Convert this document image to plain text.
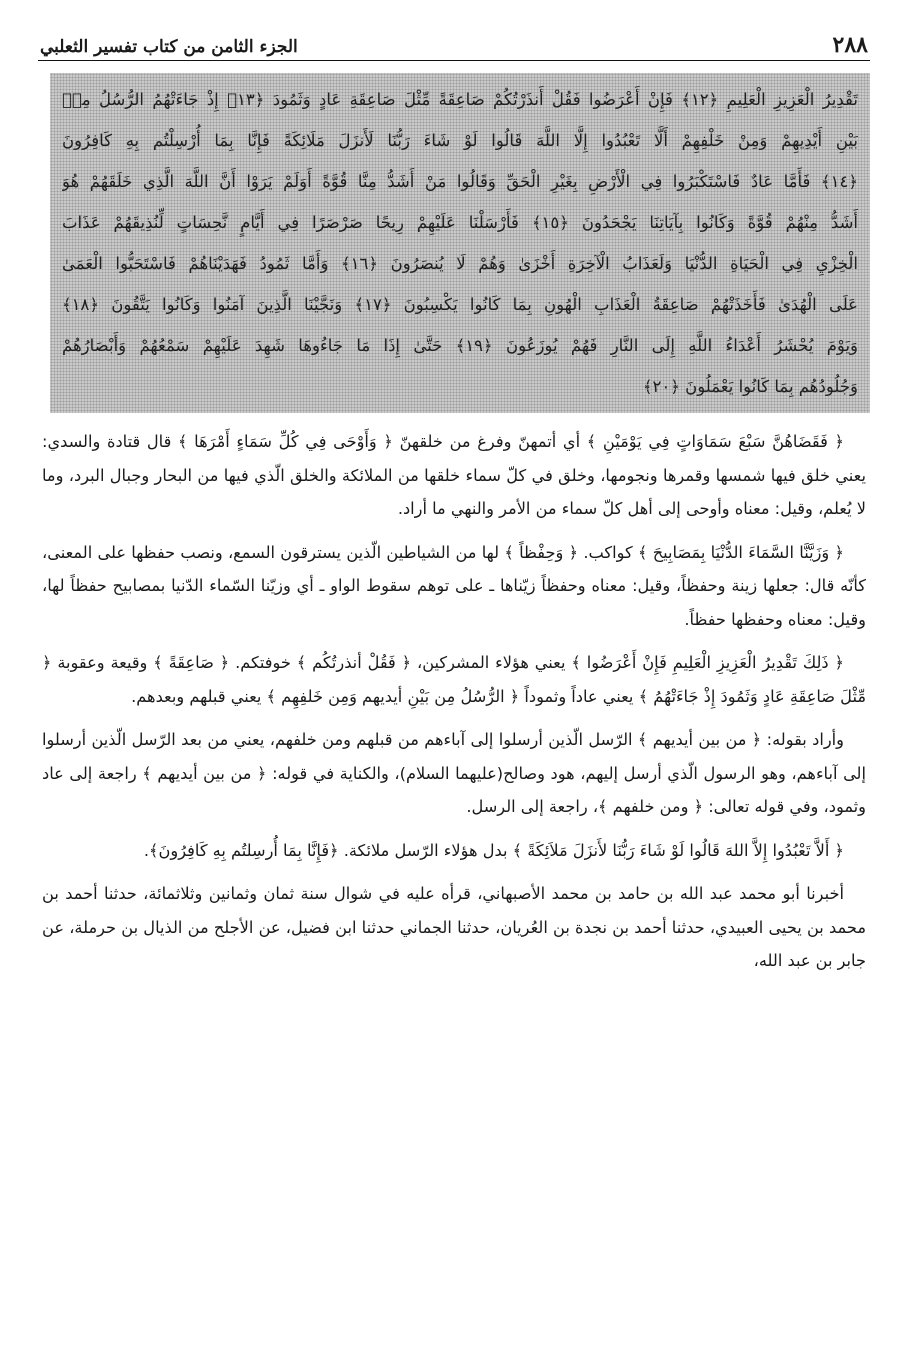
٢٨٨
الجزء الثامن من كتاب تفسير الثعلبي
تَقْدِيرُ الْعَزِيزِ الْعَلِيمِ ﴿١٢﴾ فَإِنْ أَعْرَضُوا فَقُلْ أَنذَرْتُكُمْ صَاعِقَةً مِّثْلَ صَاعِقَةِ عَادٍ وَثَمُودَ ﴿١٣﴾ إِذْ جَاءَتْهُمُ الرُّسُلُ مِنۢ
بَيْنِ أَيْدِيهِمْ وَمِنْ خَلْفِهِمْ أَلَّا تَعْبُدُوا إِلَّا اللَّهَ قَالُوا لَوْ شَاءَ رَبُّنَا لَأَنزَلَ مَلَائِكَةً فَإِنَّا بِمَا أُرْسِلْتُم بِهِ كَافِرُونَ
﴿١٤﴾ فَأَمَّا عَادٌ فَاسْتَكْبَرُوا فِي الْأَرْضِ بِغَيْرِ الْحَقِّ وَقَالُوا مَنْ أَشَدُّ مِنَّا قُوَّةً أَوَلَمْ يَرَوْا أَنَّ اللَّهَ الَّذِي خَلَقَهُمْ هُوَ
أَشَدُّ مِنْهُمْ قُوَّةً وَكَانُوا بِآيَاتِنَا يَجْحَدُونَ ﴿١٥﴾ فَأَرْسَلْنَا عَلَيْهِمْ رِيحًا صَرْصَرًا فِي أَيَّامٍ نَّحِسَاتٍ لِّنُذِيقَهُمْ عَذَابَ
الْخِزْيِ فِي الْحَيَاةِ الدُّنْيَا وَلَعَذَابُ الْآخِرَةِ أَخْزَىٰ وَهُمْ لَا يُنصَرُونَ ﴿١٦﴾ وَأَمَّا ثَمُودُ فَهَدَيْنَاهُمْ فَاسْتَحَبُّوا الْعَمَىٰ
عَلَى الْهُدَىٰ فَأَخَذَتْهُمْ صَاعِقَةُ الْعَذَابِ الْهُونِ بِمَا كَانُوا يَكْسِبُونَ ﴿١٧﴾ وَنَجَّيْنَا الَّذِينَ آمَنُوا وَكَانُوا يَتَّقُونَ ﴿١٨﴾
وَيَوْمَ يُحْشَرُ أَعْدَاءُ اللَّهِ إِلَى النَّارِ فَهُمْ يُوزَعُونَ ﴿١٩﴾ حَتَّىٰ إِذَا مَا جَاءُوهَا شَهِدَ عَلَيْهِمْ سَمْعُهُمْ وَأَبْصَارُهُمْ
وَجُلُودُهُم بِمَا كَانُوا يَعْمَلُونَ ﴿٢٠﴾

﴿ فَقَضَاهُنَّ سَبْعَ سَمَاوَاتٍ فِي يَوْمَيْنِ ﴾ أي أتمهنّ وفرغ من خلقهنّ ﴿ وَأَوْحَى فِي كُلِّ سَمَاءٍ أَمْرَهَا ﴾ قال قتادة والسدي: يعني خلق فيها شمسها وقمرها ونجومها، وخلق في كلّ سماء خلقها من الملائكة والخلق الّذي فيها من البحار وجبال البرد، وما لا يُعلم، وقيل: معناه وأوحى إلى أهل كلّ سماء من الأمر والنهي ما أراد.

﴿ وَزَيَّنَّا السَّمَاءَ الدُّنْيَا بِمَصَابِيحَ ﴾ كواكب. ﴿ وَحِفْظاً ﴾ لها من الشياطين الّذين يسترقون السمع، ونصب حفظها على المعنى، كأنّه قال: جعلها زينة وحفظاً، وقيل: معناه وحفظاً زيّناها ـ على توهم سقوط الواو ـ أي وزيّنا السّماء الدّنيا بمصابيح حفظاً لها، وقيل: معناه وحفظها حفظاً.

﴿ ذَلِكَ تَقْدِيرُ الْعَزِيزِ الْعَلِيمِ فَإِنْ أَعْرَضُوا ﴾ يعني هؤلاء المشركين، ﴿ فَقُلْ أنذرتُكُم ﴾ خوفتكم. ﴿ صَاعِقَةً ﴾ وقيعة وعقوبة ﴿ مِّثْلَ صَاعِقَةِ عَادٍ وَثَمُودَ إِذْ جَاءَتْهُمُ ﴾ يعني عاداً وثموداً ﴿ الرُّسُلُ مِن بَيْنِ أيديهم وَمِن خَلفِهِم ﴾ يعني قبلهم وبعدهم.

وأراد بقوله: ﴿ من بين أيديهم ﴾ الرّسل الّذين أرسلوا إلى آباءهم من قبلهم ومن خلفهم، يعني من بعد الرّسل الّذين أرسلوا إلى آباءهم، وهو الرسول الّذي أرسل إليهم، هود وصالح(عليهما السلام)، والكناية في قوله: ﴿ من بين أيديهم ﴾ راجعة إلى عاد وثمود، وفي قوله تعالى: ﴿ ومن خلفهم ﴾، راجعة إلى الرسل.

﴿ أَلاَّ تَعْبُدُوا إِلاَّ اللهَ قَالُوا لَوْ شَاءَ رَبُّنَا لأَنزَلَ مَلاَئِكَةً ﴾ بدل هؤلاء الرّسل ملائكة. ﴿فَإِنَّا بِمَا أُرسِلتُم بِهِ كَافِرُونَ﴾.

أخبرنا أبو محمد عبد الله بن حامد بن محمد الأصبهاني، قرأه عليه في شوال سنة ثمان وثمانين وثلاثمائة، حدثنا أحمد بن محمد بن يحيى العبيدي، حدثنا أحمد بن نجدة بن العُريان، حدثنا الجماني حدثنا ابن فضيل، عن الأجلح من الذيال بن حرملة، عن جابر بن عبد الله،
